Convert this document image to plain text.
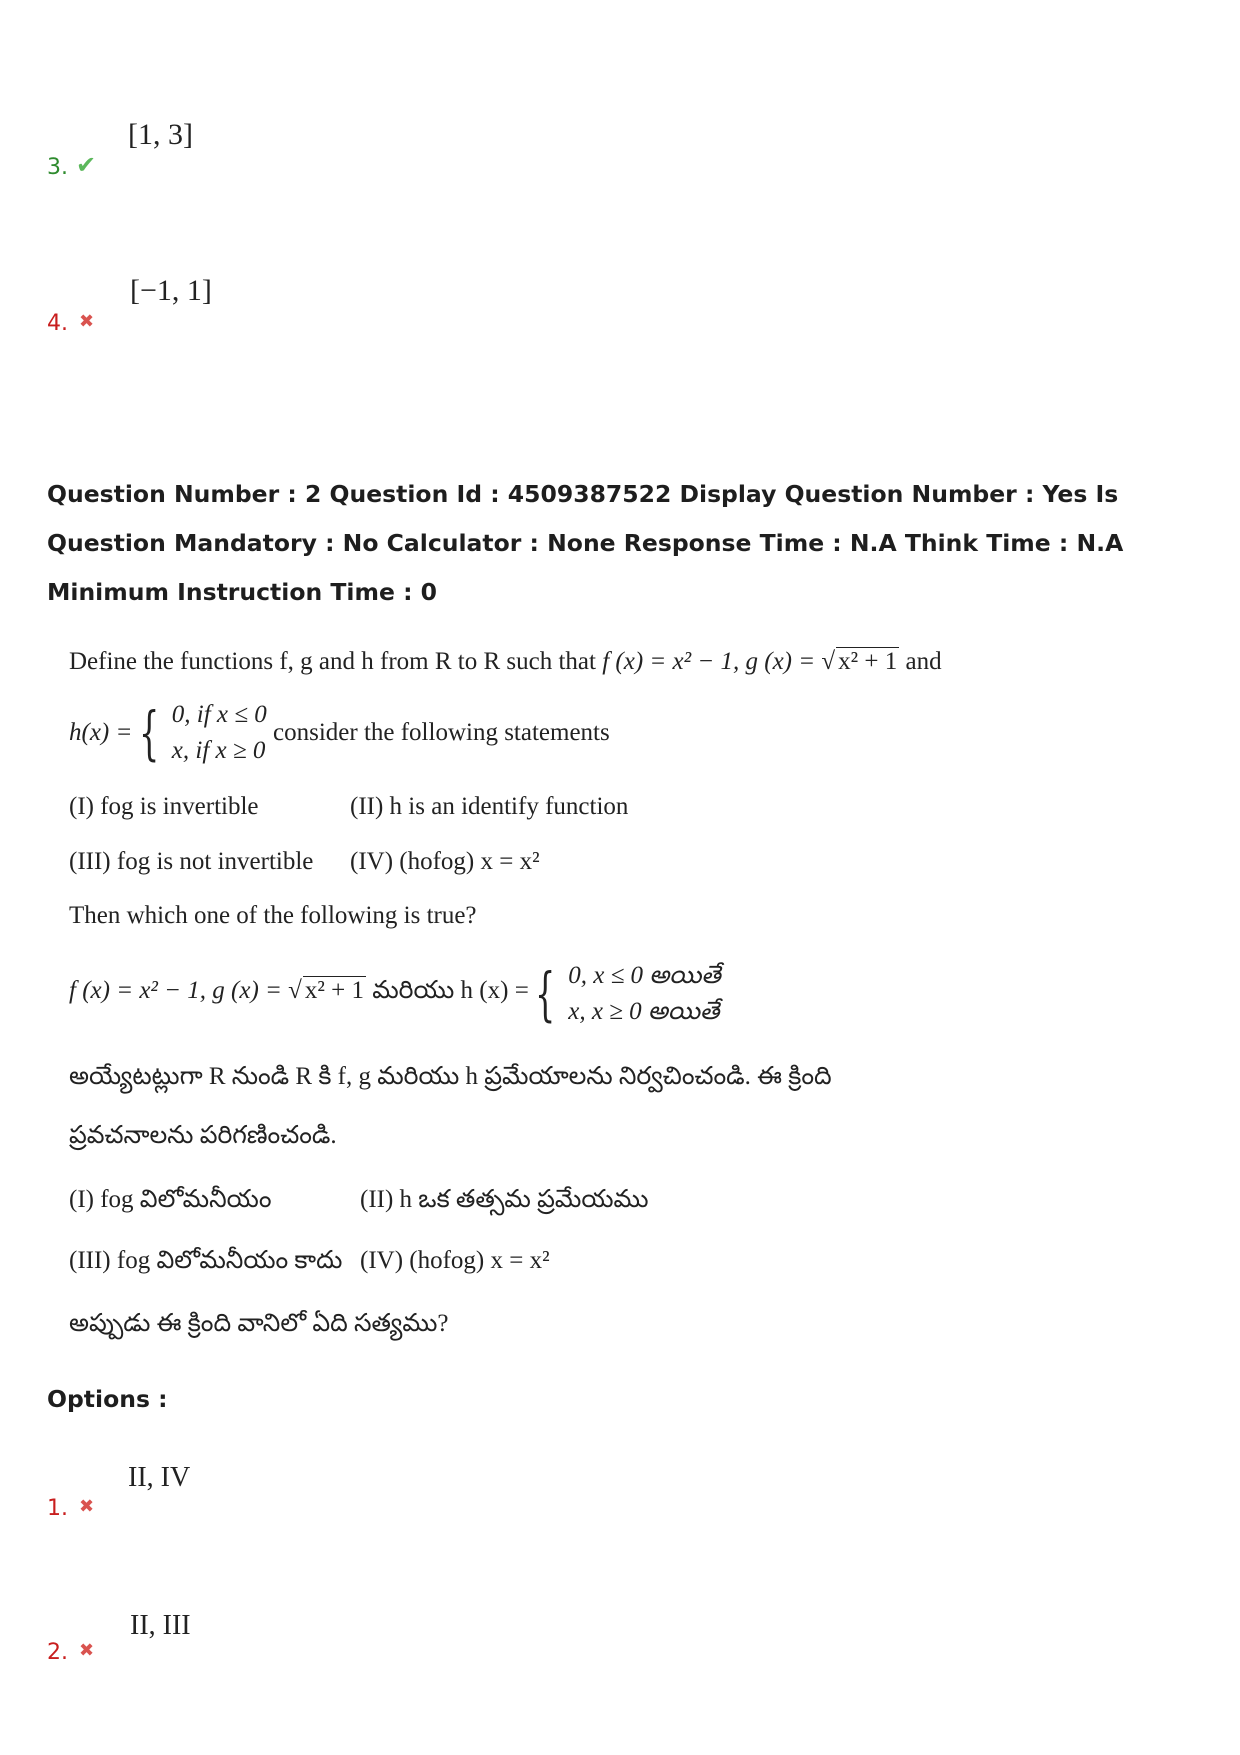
[1, 3]
3. ✔
[−1, 1]
4. ✖
Question Number : 2 Question Id : 4509387522 Display Question Number : Yes Is Question Mandatory : No Calculator : None Response Time : N.A Think Time : N.A Minimum Instruction Time : 0
Define the functions f, g and h from R to R such that f (x) = x² − 1, g (x) = √ x² + 1 and
h(x) = { 0, if x ≤ 0
x, if x ≥ 0 consider the following statements
(I) fog is invertible	(II) h is an identify function
(III) fog is not invertible (IV) (hofog) x = x²
Then which one of the following is true?
f (x) = x² − 1, g (x) = √ x² + 1 మరియు h (x) = { 0, x ≤ 0 అయితే
x, x ≥ 0 అయితే
అయ్యేటట్లుగా R నుండి R కి f, g మరియు h ప్రమేయాలను నిర్వచించండి. ఈ క్రింది
ప్రవచనాలను పరిగణించండి.
(I) fog విలోమనీయం	(II) h ఒక తత్సమ ప్రమేయము
(III) fog విలోమనీయం కాదు (IV) (hofog) x = x²
అప్పుడు ఈ క్రింది వానిలో ఏది సత్యము?
Options :
II, IV
1. ✖
II, III
2. ✖
